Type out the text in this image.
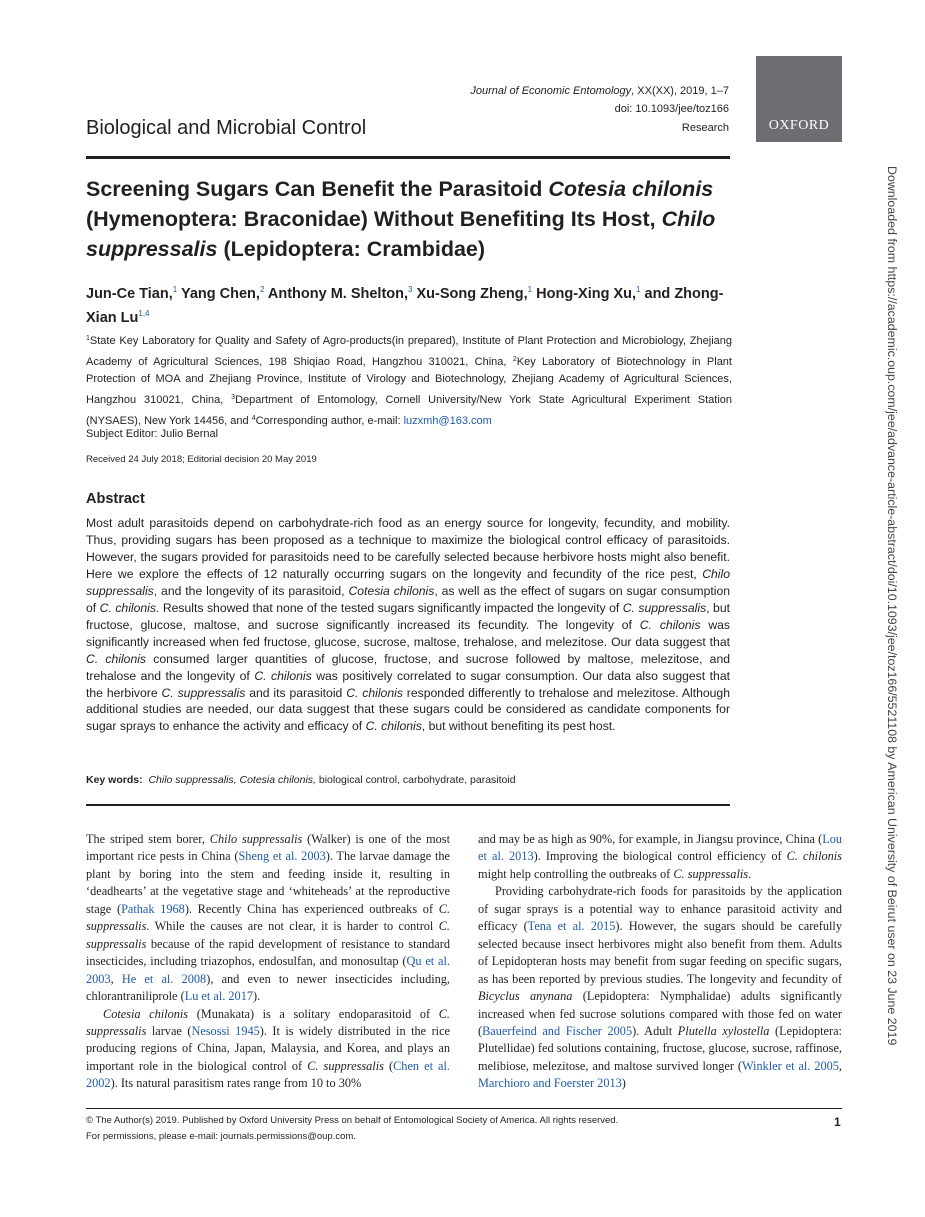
Journal of Economic Entomology, XX(XX), 2019, 1–7
doi: 10.1093/jee/toz166
Research
Biological and Microbial Control	OXFORD
Screening Sugars Can Benefit the Parasitoid Cotesia chilonis (Hymenoptera: Braconidae) Without Benefiting Its Host, Chilo suppressalis (Lepidoptera: Crambidae)
Jun-Ce Tian,$^1$ Yang Chen,$^2$ Anthony M. Shelton,$^3$ Xu-Song Zheng,$^1$ Hong-Xing Xu,$^1$ and Zhong-Xian Lu$^{1,4}$
$^1$State Key Laboratory for Quality and Safety of Agro-products(in prepared), Institute of Plant Protection and Microbiology, Zhejiang Academy of Agricultural Sciences, 198 Shiqiao Road, Hangzhou 310021, China, $^2$Key Laboratory of Biotechnology in Plant Protection of MOA and Zhejiang Province, Institute of Virology and Biotechnology, Zhejiang Academy of Agricultural Sciences, Hangzhou 310021, China, $^3$Department of Entomology, Cornell University/New York State Agricultural Experiment Station (NYSAES), New York 14456, and $^4$Corresponding author, e-mail: luzxmh@163.com
Subject Editor: Julio Bernal
Received 24 July 2018; Editorial decision 20 May 2019
Abstract
Most adult parasitoids depend on carbohydrate-rich food as an energy source for longevity, fecundity, and mobility. Thus, providing sugars has been proposed as a technique to maximize the biological control efficacy of parasitoids. However, the sugars provided for parasitoids need to be carefully selected because herbivore hosts might also benefit. Here we explore the effects of 12 naturally occurring sugars on the longevity and fecundity of the rice pest, Chilo suppressalis, and the longevity of its parasitoid, Cotesia chilonis, as well as the effect of sugars on sugar consumption of C. chilonis. Results showed that none of the tested sugars significantly impacted the longevity of C. suppressalis, but fructose, glucose, maltose, and sucrose significantly increased its fecundity. The longevity of C. chilonis was significantly increased when fed fructose, glucose, sucrose, maltose, trehalose, and melezitose. Our data suggest that C. chilonis consumed larger quantities of glucose, fructose, and sucrose followed by maltose, melezitose, and trehalose and the longevity of C. chilonis was positively correlated to sugar consumption. Our data also suggest that the herbivore C. suppressalis and its parasitoid C. chilonis responded differently to trehalose and melezitose. Although additional studies are needed, our data suggest that these sugars could be considered as candidate components for sugar sprays to enhance the activity and efficacy of C. chilonis, but without benefiting its pest host.
Key words: Chilo suppressalis, Cotesia chilonis, biological control, carbohydrate, parasitoid

The striped stem borer, Chilo suppressalis (Walker) is one of the most important rice pests in China (Sheng et al. 2003). The larvae damage the plant by boring into the stem and feeding inside it, resulting in ‘deadhearts’ at the vegetative stage and ‘whiteheads’ at the reproductive stage (Pathak 1968). Recently China has experienced outbreaks of C. suppressalis. While the causes are not clear, it is harder to control C. suppressalis because of the rapid development of resistance to standard insecticides, including triazophos, endosulfan, and monosultap (Qu et al. 2003, He et al. 2008), and even to newer insecticides including, chlorantraniliprole (Lu et al. 2017).

Cotesia chilonis (Munakata) is a solitary endoparasitoid of C. suppressalis larvae (Nesossi 1945). It is widely distributed in the rice producing regions of China, Japan, Malaysia, and Korea, and plays an important role in the biological control of C. suppressalis (Chen et al. 2002). Its natural parasitism rates range from 10 to 30%

and may be as high as 90%, for example, in Jiangsu province, China (Lou et al. 2013). Improving the biological control efficiency of C. chilonis might help controlling the outbreaks of C. suppressalis.

Providing carbohydrate-rich foods for parasitoids by the application of sugar sprays is a potential way to enhance parasitoid activity and efficacy (Tena et al. 2015). However, the sugars should be carefully selected because insect herbivores might also benefit from them. Adults of Lepidopteran hosts may benefit from sugar feeding on specific sugars, as has been reported by previous studies. The longevity and fecundity of Bicyclus anynana (Lepidoptera: Nymphalidae) adults significantly increased when fed sucrose solutions compared with those fed on water (Bauerfeind and Fischer 2005). Adult Plutella xylostella (Lepidoptera: Plutellidae) fed solutions containing, fructose, glucose, sucrose, raffinose, melibiose, melezitose, and maltose survived longer (Winkler et al. 2005, Marchioro and Foerster 2013)

© The Author(s) 2019. Published by Oxford University Press on behalf of Entomological Society of America. All rights reserved.
For permissions, please e-mail: journals.permissions@oup.com.
1
Downloaded from https://academic.oup.com/jee/advance-article-abstract/doi/10.1093/jee/toz166/5521108 by American University of Beirut user on 23 June 2019
